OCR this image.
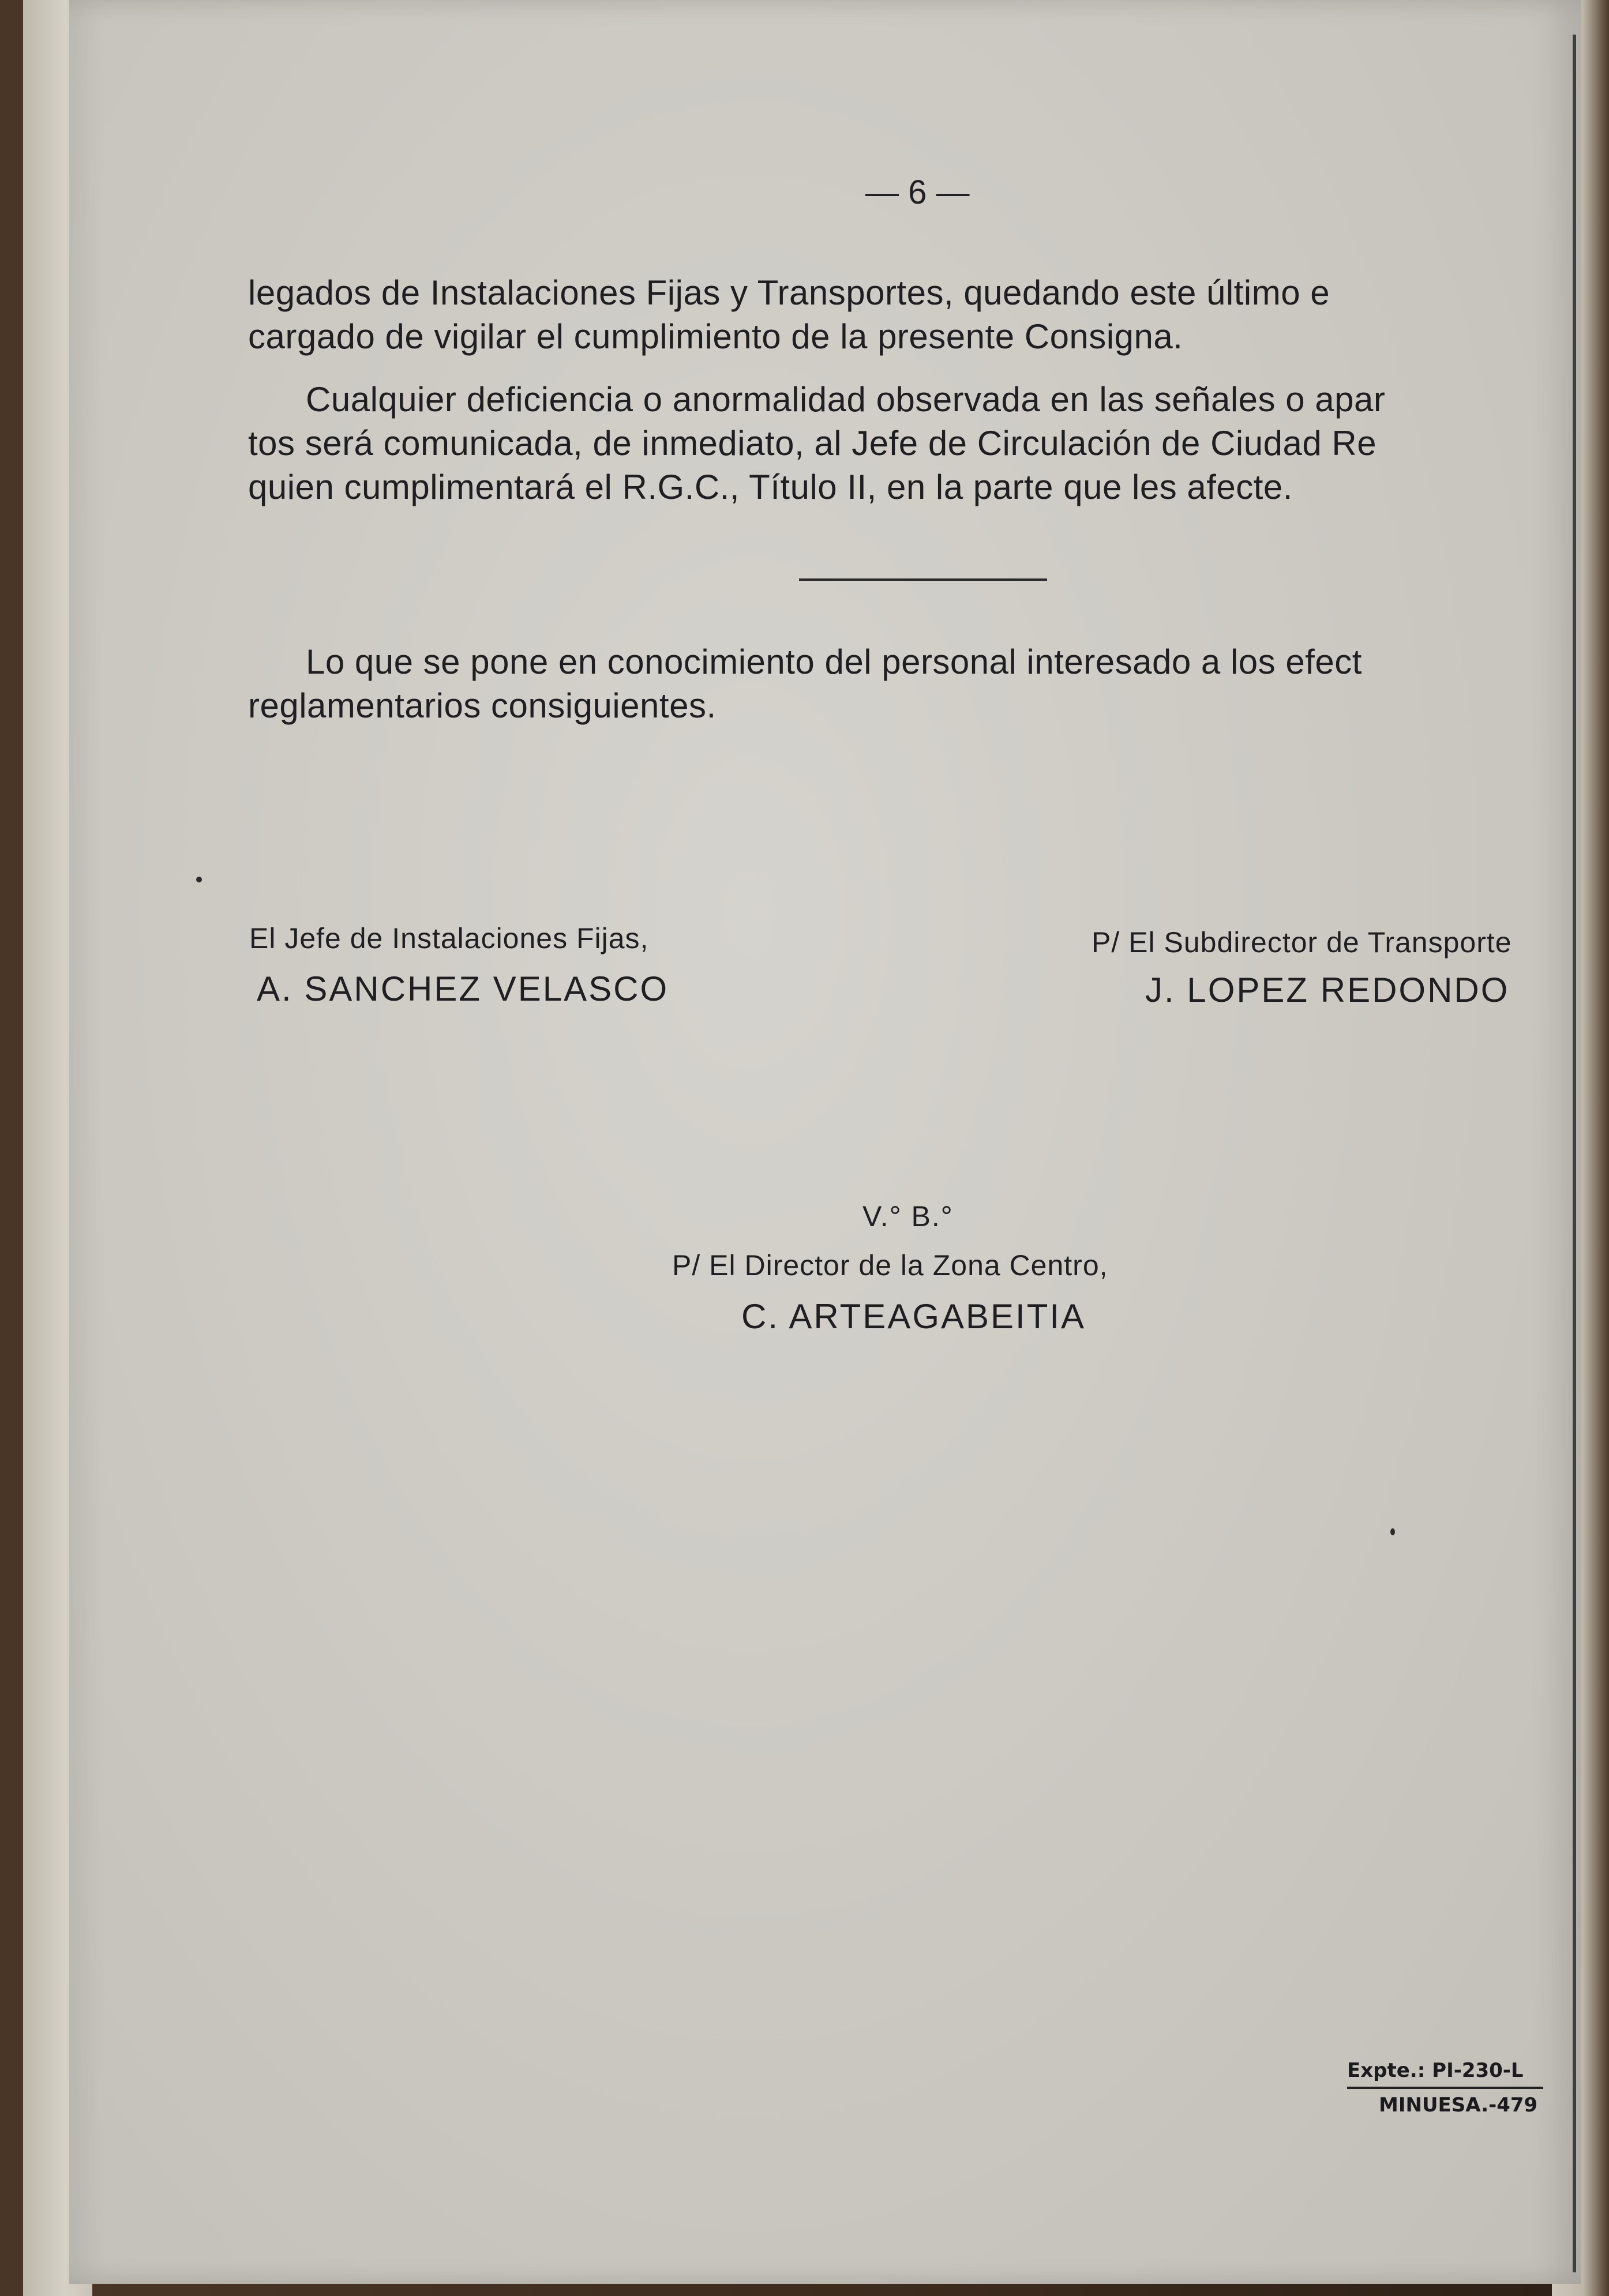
— 6 —
legados de Instalaciones Fijas y Transportes, quedando este último e
cargado de vigilar el cumplimiento de la presente Consigna.
Cualquier deficiencia o anormalidad observada en las señales o apar
tos será comunicada, de inmediato, al Jefe de Circulación de Ciudad Re
quien cumplimentará el R.G.C., Título II, en la parte que les afecte.
Lo que se pone en conocimiento del personal interesado a los efect
reglamentarios consiguientes.
El Jefe de Instalaciones Fijas,
A. SANCHEZ VELASCO
P/ El Subdirector de Transporte
J. LOPEZ REDONDO
V.° B.°
P/ El Director de la Zona Centro,
C. ARTEAGABEITIA
Expte.: PI-230-L
MINUESA.-479
